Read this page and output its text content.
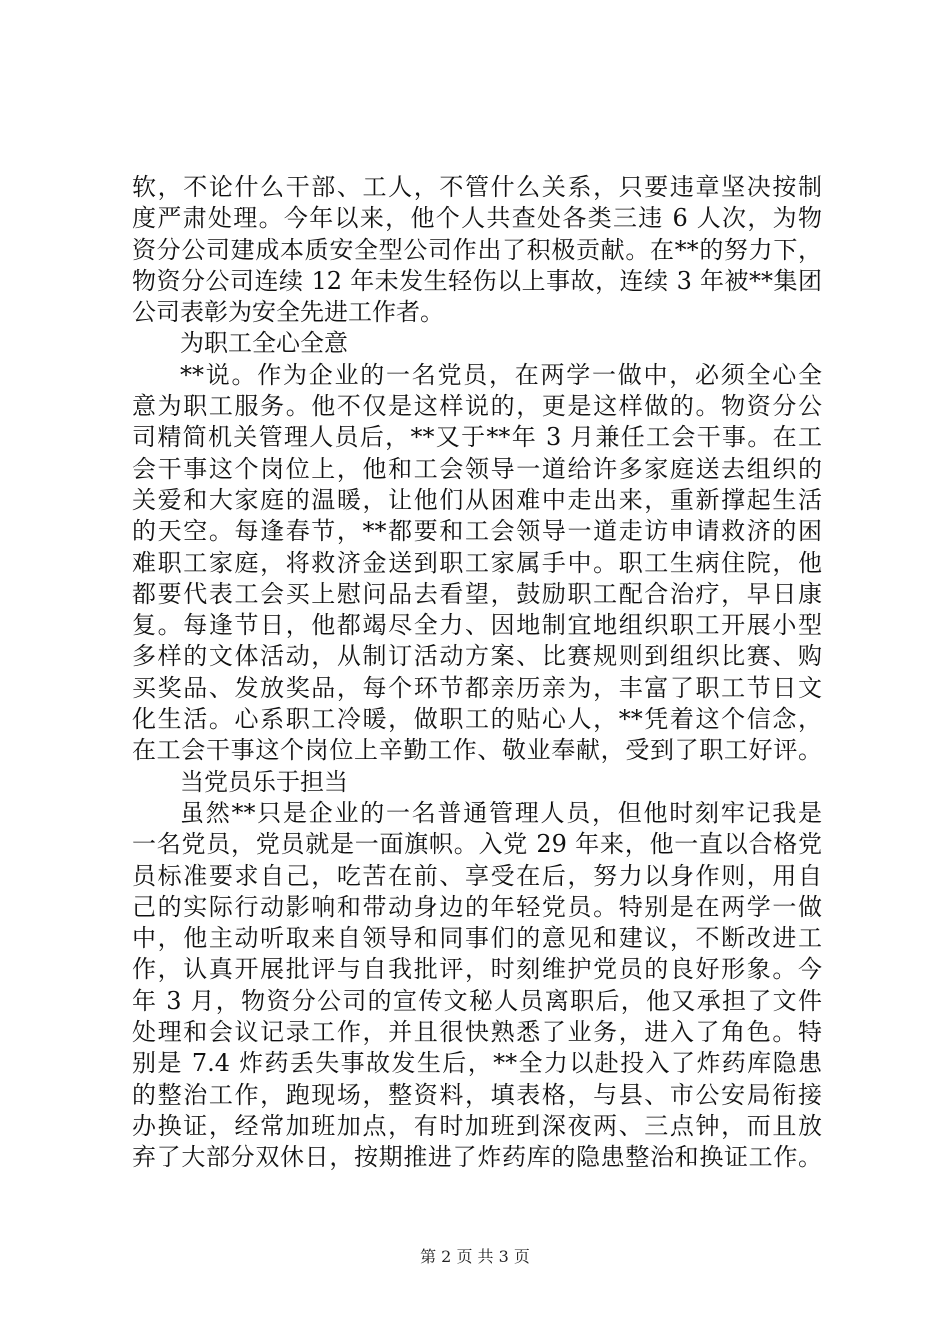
软，不论什么干部、工人，不管什么关系，只要违章坚决按制
度严肃处理。今年以来，他个人共查处各类三违 6 人次，为物
资分公司建成本质安全型公司作出了积极贡献。在**的努力下，
物资分公司连续 12 年未发生轻伤以上事故，连续 3 年被**集团
公司表彰为安全先进工作者。
为职工全心全意
**说。作为企业的一名党员，在两学一做中，必须全心全
意为职工服务。他不仅是这样说的，更是这样做的。物资分公
司精简机关管理人员后，**又于**年 3 月兼任工会干事。在工
会干事这个岗位上，他和工会领导一道给许多家庭送去组织的
关爱和大家庭的温暖，让他们从困难中走出来，重新撑起生活
的天空。每逢春节，**都要和工会领导一道走访申请救济的困
难职工家庭，将救济金送到职工家属手中。职工生病住院，他
都要代表工会买上慰问品去看望，鼓励职工配合治疗，早日康
复。每逢节日，他都竭尽全力、因地制宜地组织职工开展小型
多样的文体活动，从制订活动方案、比赛规则到组织比赛、购
买奖品、发放奖品，每个环节都亲历亲为，丰富了职工节日文
化生活。心系职工冷暖，做职工的贴心人，**凭着这个信念，
在工会干事这个岗位上辛勤工作、敬业奉献，受到了职工好评。
当党员乐于担当
虽然**只是企业的一名普通管理人员，但他时刻牢记我是
一名党员，党员就是一面旗帜。入党 29 年来，他一直以合格党
员标准要求自己，吃苦在前、享受在后，努力以身作则，用自
己的实际行动影响和带动身边的年轻党员。特别是在两学一做
中，他主动听取来自领导和同事们的意见和建议，不断改进工
作，认真开展批评与自我批评，时刻维护党员的良好形象。今
年 3 月，物资分公司的宣传文秘人员离职后，他又承担了文件
处理和会议记录工作，并且很快熟悉了业务，进入了角色。特
别是 7.4 炸药丢失事故发生后，**全力以赴投入了炸药库隐患
的整治工作，跑现场，整资料，填表格，与县、市公安局衔接
办换证，经常加班加点，有时加班到深夜两、三点钟，而且放
弃了大部分双休日，按期推进了炸药库的隐患整治和换证工作。
第 2 页 共 3 页
